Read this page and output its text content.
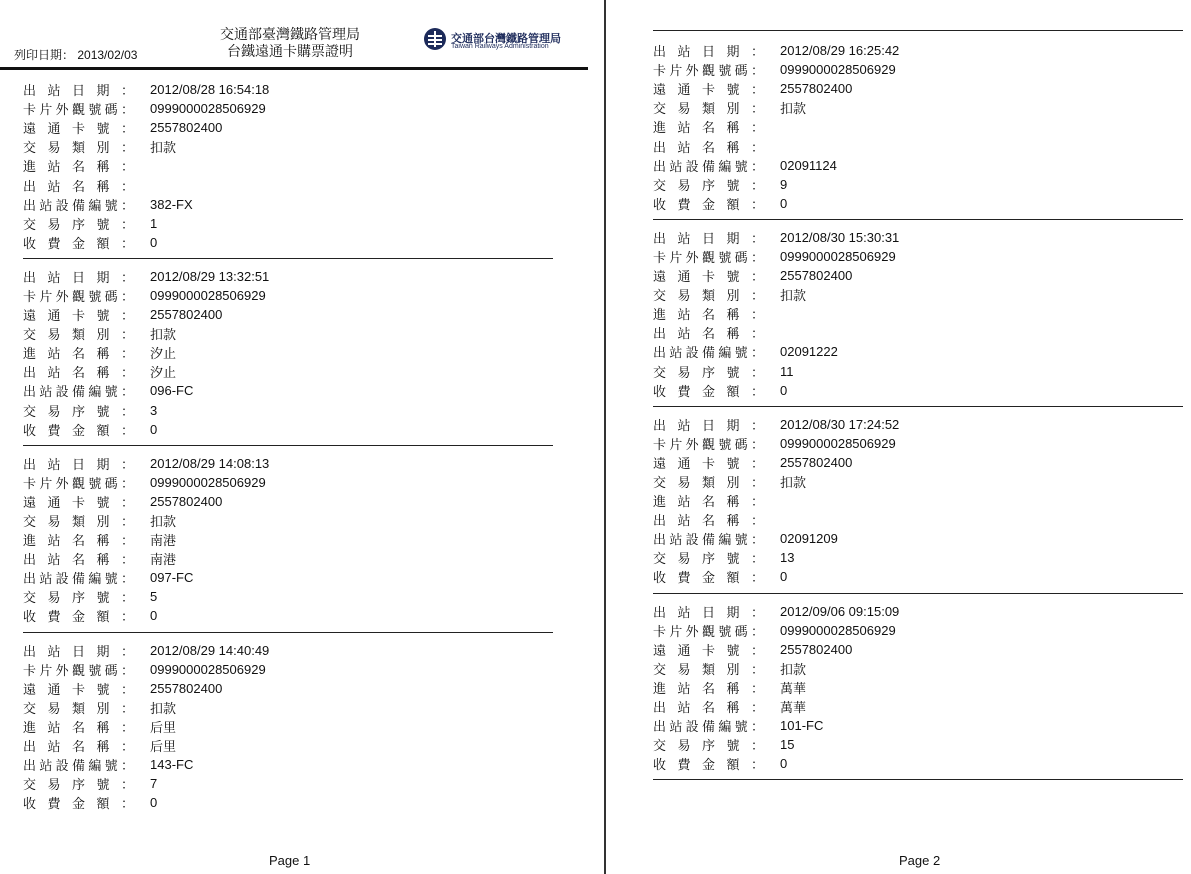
列印日期： 2013/02/03
交通部臺灣鐵路管理局
台鐵遠通卡購票證明
交通部台灣鐵路管理局
Taiwan Railways Administration
出 站 日 期 ： 2012/08/28 16:54:18
卡 片 外 觀 號 碼 ： 0999000028506929
遠 通 卡 號 ： 2557802400
交 易 類 別 ： 扣款
進 站 名 稱 ：
出 站 名 稱 ：
出 站 設 備 編 號 ： 382-FX
交 易 序 號 ： 1
收 費 金 額 ： 0
出 站 日 期 ： 2012/08/29 13:32:51
卡 片 外 觀 號 碼 ： 0999000028506929
遠 通 卡 號 ： 2557802400
交 易 類 別 ： 扣款
進 站 名 稱 ： 汐止
出 站 名 稱 ： 汐止
出 站 設 備 編 號 ： 096-FC
交 易 序 號 ： 3
收 費 金 額 ： 0
出 站 日 期 ： 2012/08/29 14:08:13
卡 片 外 觀 號 碼 ： 0999000028506929
遠 通 卡 號 ： 2557802400
交 易 類 別 ： 扣款
進 站 名 稱 ： 南港
出 站 名 稱 ： 南港
出 站 設 備 編 號 ： 097-FC
交 易 序 號 ： 5
收 費 金 額 ： 0
出 站 日 期 ： 2012/08/29 14:40:49
卡 片 外 觀 號 碼 ： 0999000028506929
遠 通 卡 號 ： 2557802400
交 易 類 別 ： 扣款
進 站 名 稱 ： 后里
出 站 名 稱 ： 后里
出 站 設 備 編 號 ： 143-FC
交 易 序 號 ： 7
收 費 金 額 ： 0
Page 1
出 站 日 期 ： 2012/08/29 16:25:42
卡 片 外 觀 號 碼 ： 0999000028506929
遠 通 卡 號 ： 2557802400
交 易 類 別 ： 扣款
進 站 名 稱 ：
出 站 名 稱 ：
出 站 設 備 編 號 ： 02091124
交 易 序 號 ： 9
收 費 金 額 ： 0
出 站 日 期 ： 2012/08/30 15:30:31
卡 片 外 觀 號 碼 ： 0999000028506929
遠 通 卡 號 ： 2557802400
交 易 類 別 ： 扣款
進 站 名 稱 ：
出 站 名 稱 ：
出 站 設 備 編 號 ： 02091222
交 易 序 號 ： 11
收 費 金 額 ： 0
出 站 日 期 ： 2012/08/30 17:24:52
卡 片 外 觀 號 碼 ： 0999000028506929
遠 通 卡 號 ： 2557802400
交 易 類 別 ： 扣款
進 站 名 稱 ：
出 站 名 稱 ：
出 站 設 備 編 號 ： 02091209
交 易 序 號 ： 13
收 費 金 額 ： 0
出 站 日 期 ： 2012/09/06 09:15:09
卡 片 外 觀 號 碼 ： 0999000028506929
遠 通 卡 號 ： 2557802400
交 易 類 別 ： 扣款
進 站 名 稱 ： 萬華
出 站 名 稱 ： 萬華
出 站 設 備 編 號 ： 101-FC
交 易 序 號 ： 15
收 費 金 額 ： 0
Page 2
